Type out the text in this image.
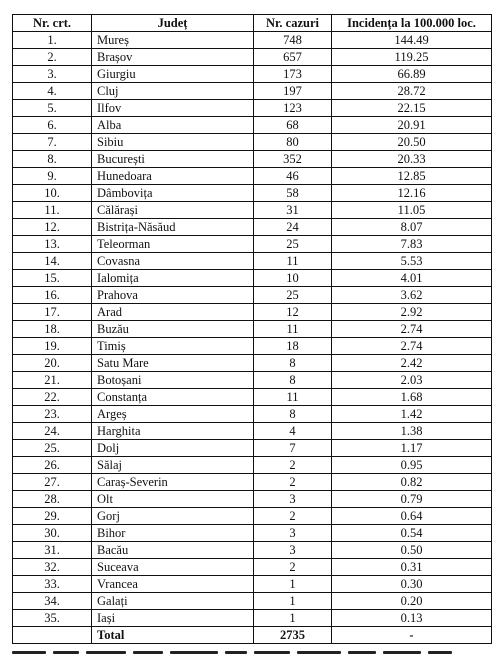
Nr. crt.	Județ	Nr. cazuri	Incidența la 100.000 loc.
1.	Mureș	748	144.49
2.	Brașov	657	119.25
3.	Giurgiu	173	66.89
4.	Cluj	197	28.72
5.	Ilfov	123	22.15
6.	Alba	68	20.91
7.	Sibiu	80	20.50
8.	București	352	20.33
9.	Hunedoara	46	12.85
10.	Dâmbovița	58	12.16
11.	Călărași	31	11.05
12.	Bistrița-Năsăud	24	8.07
13.	Teleorman	25	7.83
14.	Covasna	11	5.53
15.	Ialomița	10	4.01
16.	Prahova	25	3.62
17.	Arad	12	2.92
18.	Buzău	11	2.74
19.	Timiș	18	2.74
20.	Satu Mare	8	2.42
21.	Botoșani	8	2.03
22.	Constanța	11	1.68
23.	Argeș	8	1.42
24.	Harghita	4	1.38
25.	Dolj	7	1.17
26.	Sălaj	2	0.95
27.	Caraș-Severin	2	0.82
28.	Olt	3	0.79
29.	Gorj	2	0.64
30.	Bihor	3	0.54
31.	Bacău	3	0.50
32.	Suceava	2	0.31
33.	Vrancea	1	0.30
34.	Galați	1	0.20
35.	Iași	1	0.13
	Total	2735	-
